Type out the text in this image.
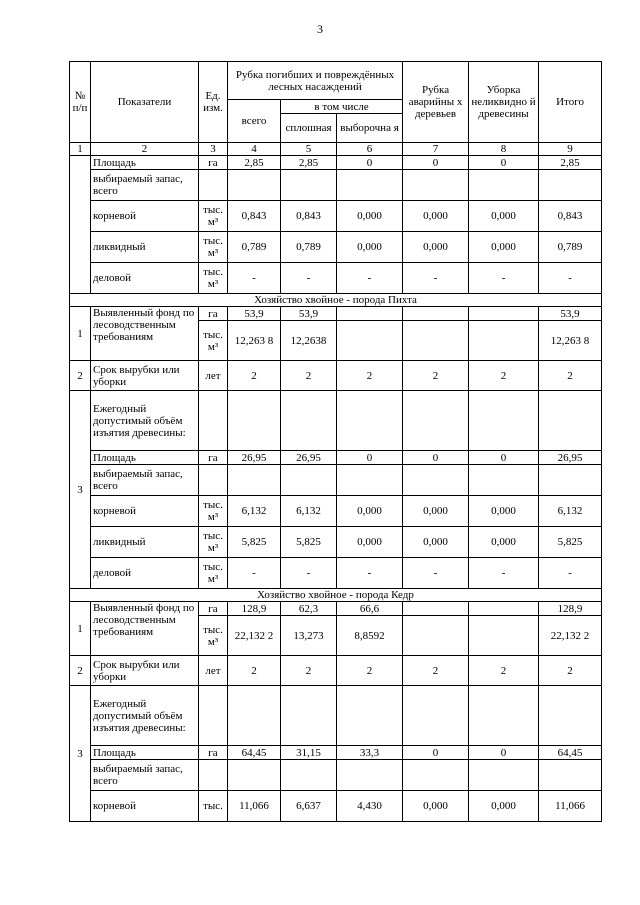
3
№ п/п	Показатели	Ед. изм.	Рубка погибших и повреждённых лесных насаждений			Рубка аварийны х деревьев	Уборка неликвидно й древесины	Итого
			всего	в том числе				
				сплошная	выборочна я			
1	2	3	4	5	6	7	8	9
	Площадь	га	2,85	2,85	0	0	0	2,85
	выбираемый запас, всего							
	корневой	тыс. м³	0,843	0,843	0,000	0,000	0,000	0,843
	ликвидный	тыс. м³	0,789	0,789	0,000	0,000	0,000	0,789
	деловой	тыс. м³	-	-	-	-	-	-
Хозяйство хвойное - порода Пихта								
1	Выявленный фонд по лесоводственным требованиям	га	53,9	53,9				53,9
		тыс. м³	12,263 8	12,2638				12,263 8
2	Срок вырубки или уборки	лет	2	2	2	2	2	2
3	Ежегодный допустимый объём изъятия древесины:							
	Площадь	га	26,95	26,95	0	0	0	26,95
	выбираемый запас, всего							
	корневой	тыс. м³	6,132	6,132	0,000	0,000	0,000	6,132
	ликвидный	тыс. м³	5,825	5,825	0,000	0,000	0,000	5,825
	деловой	тыс. м³	-	-	-	-	-	-
Хозяйство хвойное - порода Кедр								
1	Выявленный фонд по лесоводственным требованиям	га	128,9	62,3	66,6			128,9
		тыс. м³	22,132 2	13,273	8,8592			22,132 2
2	Срок вырубки или уборки	лет	2	2	2	2	2	2
3	Ежегодный допустимый объём изъятия древесины:							
	Площадь	га	64,45	31,15	33,3	0	0	64,45
	выбираемый запас, всего							
	корневой	тыс.	11,066	6,637	4,430	0,000	0,000	11,066
